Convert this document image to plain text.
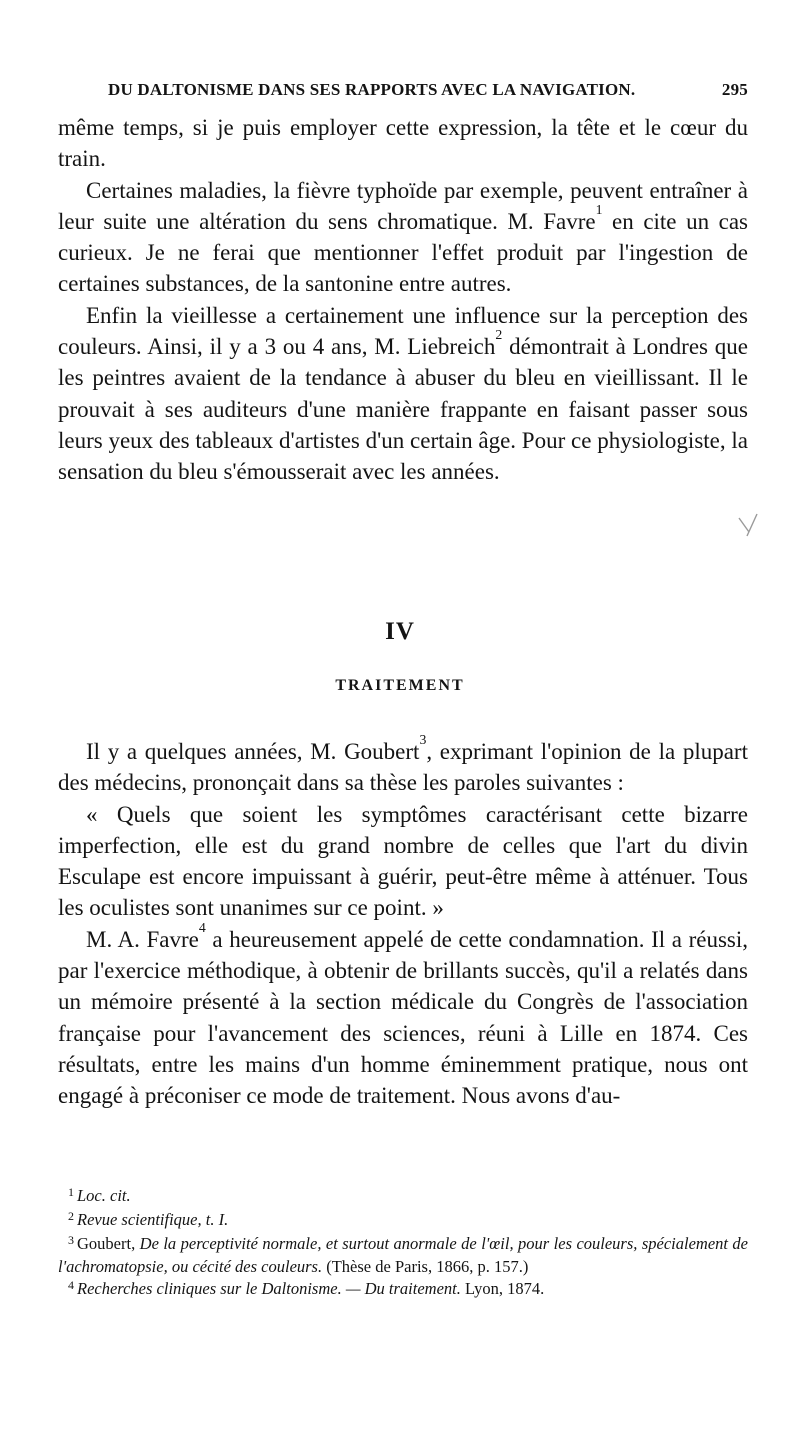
DU DALTONISME DANS SES RAPPORTS AVEC LA NAVIGATION.	295

même temps, si je puis employer cette expression, la tête et le cœur du train.

Certaines maladies, la fièvre typhoïde par exemple, peuvent entraîner à leur suite une altération du sens chromatique. M. Favre$^1$ en cite un cas curieux. Je ne ferai que mentionner l'effet produit par l'ingestion de certaines substances, de la santonine entre autres.

Enfin la vieillesse a certainement une influence sur la perception des couleurs. Ainsi, il y a 3 ou 4 ans, M. Liebreich$^2$ démontrait à Londres que les peintres avaient de la tendance à abuser du bleu en vieillissant. Il le prouvait à ses auditeurs d'une manière frappante en faisant passer sous leurs yeux des tableaux d'artistes d'un certain âge. Pour ce physiologiste, la sensation du bleu s'émousserait avec les années.

IV
TRAITEMENT

Il y a quelques années, M. Goubert$^3$, exprimant l'opinion de la plupart des médecins, prononçait dans sa thèse les paroles suivantes :

« Quels que soient les symptômes caractérisant cette bizarre imperfection, elle est du grand nombre de celles que l'art du divin Esculape est encore impuissant à guérir, peut-être même à atténuer. Tous les oculistes sont unanimes sur ce point. »

M. A. Favre$^4$ a heureusement appelé de cette condamnation. Il a réussi, par l'exercice méthodique, à obtenir de brillants succès, qu'il a relatés dans un mémoire présenté à la section médicale du Congrès de l'association française pour l'avancement des sciences, réuni à Lille en 1874. Ces résultats, entre les mains d'un homme éminemment pratique, nous ont engagé à préconiser ce mode de traitement. Nous avons d'au-

$^1$ Loc. cit.

$^2$ Revue scientifique, t. I.

$^3$ Goubert, De la perceptivité normale, et surtout anormale de l'œil, pour les couleurs, spécialement de l'achromatopsie, ou cécité des couleurs. (Thèse de Paris, 1866, p. 157.)

$^4$ Recherches cliniques sur le Daltonisme. — Du traitement. Lyon, 1874.
